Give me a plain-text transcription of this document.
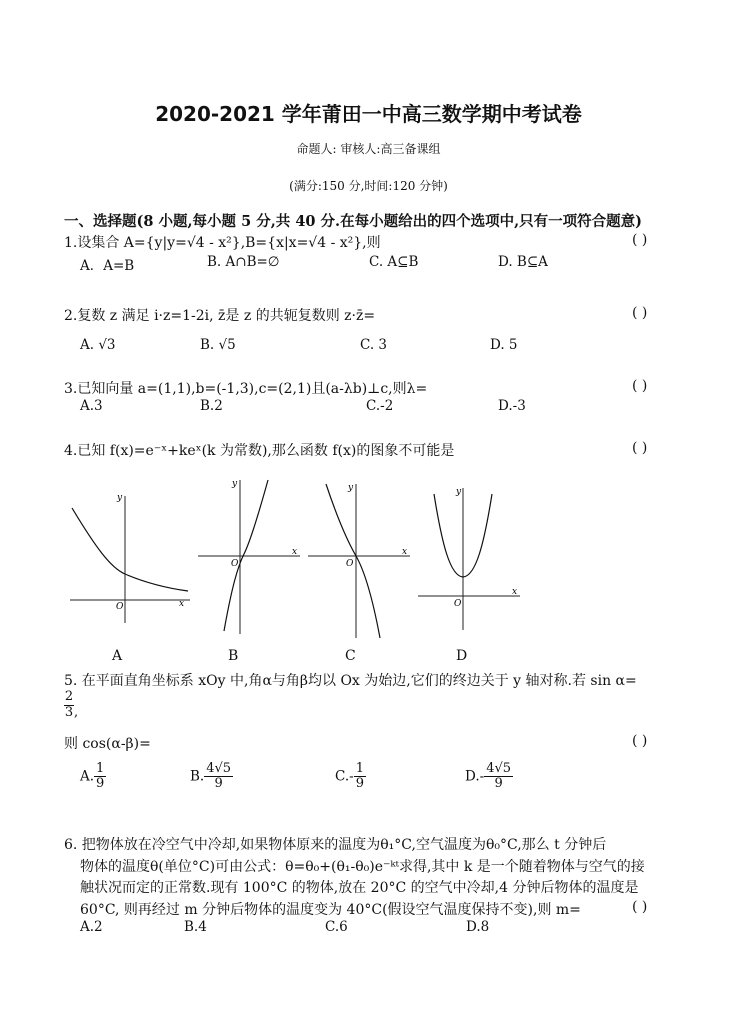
2020-2021 学年莆田一中高三数学期中考试卷
命题人: 审核人:高三备课组
(满分:150 分,时间:120 分钟)
一、选择题(8 小题,每小题 5 分,共 40 分.在每小题给出的四个选项中,只有一项符合题意)
1.设集合 A={y|y=√4 - x²},B={x|x=√4 - x²},则	( )
A．A=B	B. A∩B=∅	C. A⊆B	D. B⊆A
2.复数 z 满足 i·z=1-2i, z̄是 z 的共轭复数则 z·z̄=	( )
A. √3	B. √5	C. 3	D. 5
3.已知向量 a=(1,1),b=(-1,3),c=(2,1)且(a-λb)⊥c,则λ=	( )
A.3	B.2	C.-2	D.-3
4.已知 f(x)=e⁻ˣ+keˣ(k 为常数),那么函数 f(x)的图象不可能是	( )
y
x
O
A
y
x
O
B
y
x
O
C
y
x
O
D
5. 在平面直角坐标系 xOy 中,角α与角β均以 Ox 为始边,它们的终边关于 y 轴对称.若 sin α=
2
3,
则 cos(α-β)=	( )
A. $\frac{1}{9}$	B. $\frac{4√5}{9}$	$C.- \frac{1}{9}$	$D.- \frac{4√5}{9}$
6. 把物体放在冷空气中冷却,如果物体原来的温度为θ₁°C,空气温度为θ₀°C,那么 t 分钟后
物体的温度θ(单位°C)可由公式：θ=θ₀+(θ₁-θ₀)e⁻ᵏᵗ求得,其中 k 是一个随着物体与空气的接
触状况而定的正常数.现有 100°C 的物体,放在 20°C 的空气中冷却,4 分钟后物体的温度是
60°C, 则再经过 m 分钟后物体的温度变为 40°C(假设空气温度保持不变),则 m=	( )
A.2	B.4	C.6	D.8
